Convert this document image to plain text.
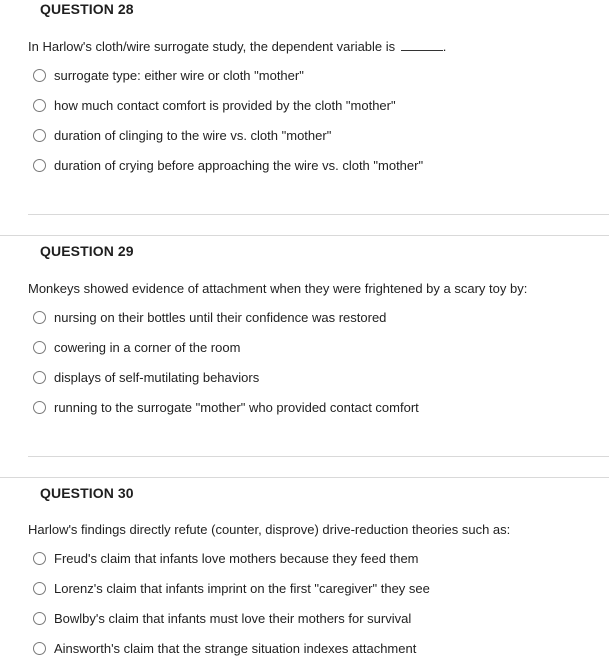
QUESTION 28
In Harlow's cloth/wire surrogate study, the dependent variable is	.
surrogate type: either wire or cloth "mother"
how much contact comfort is provided by the cloth "mother"
duration of clinging to the wire vs. cloth "mother"
duration of crying before approaching the wire vs. cloth "mother"
QUESTION 29
Monkeys showed evidence of attachment when they were frightened by a scary toy by:
nursing on their bottles until their confidence was restored
cowering in a corner of the room
displays of self-mutilating behaviors
running to the surrogate "mother" who provided contact comfort
QUESTION 30
Harlow's findings directly refute (counter, disprove) drive-reduction theories such as:
Freud's claim that infants love mothers because they feed them
Lorenz's claim that infants imprint on the first "caregiver" they see
Bowlby's claim that infants must love their mothers for survival
Ainsworth's claim that the strange situation indexes attachment
